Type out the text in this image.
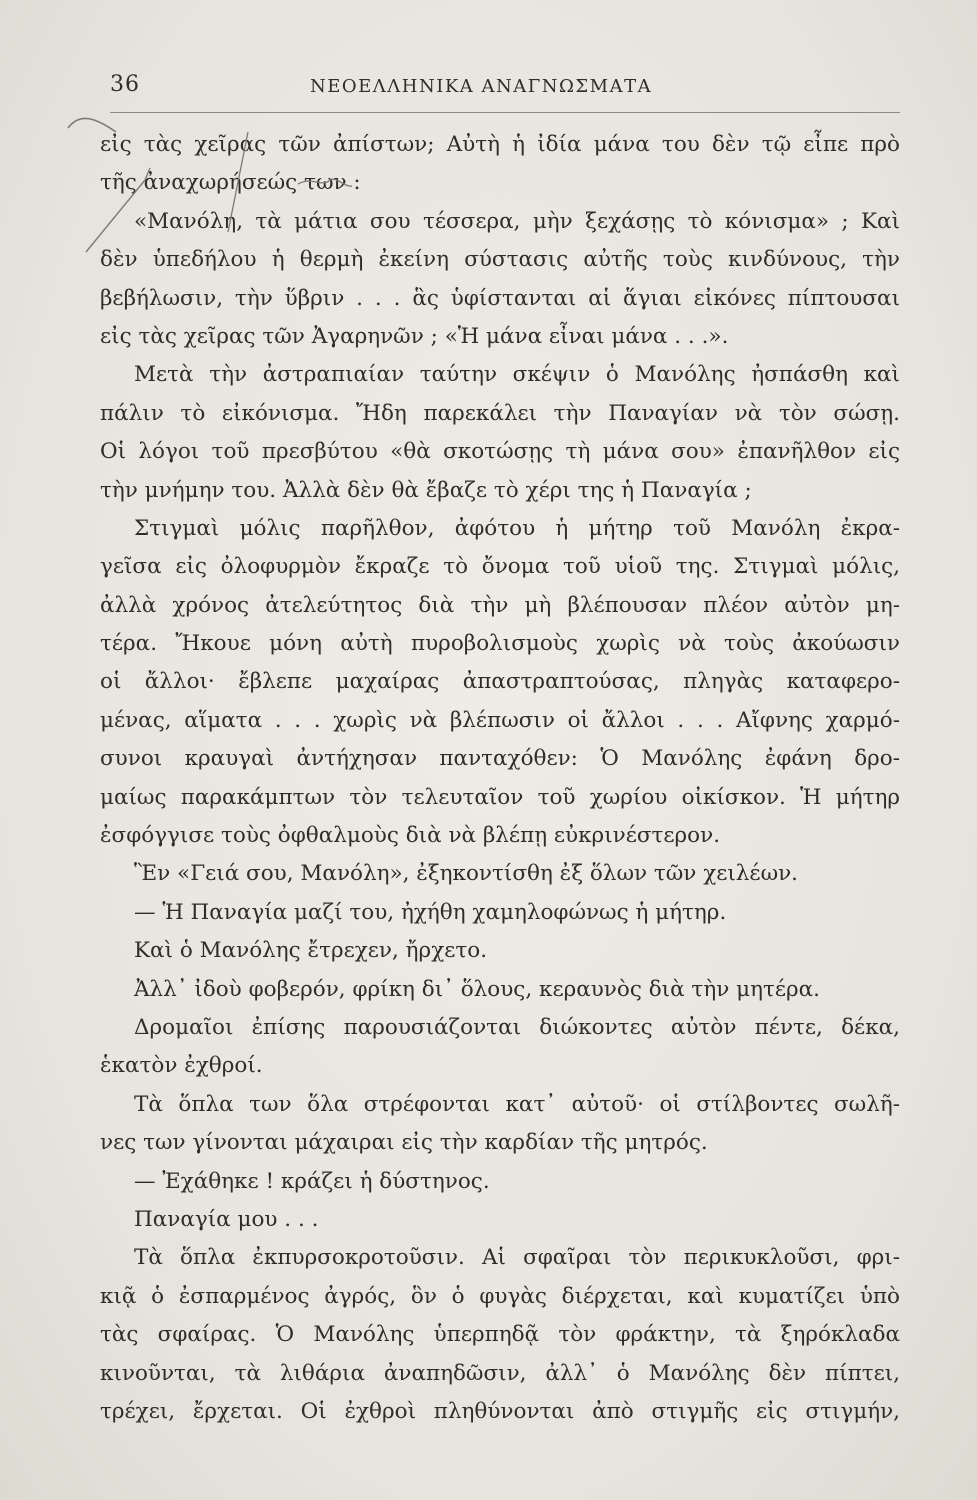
36	ΝΕΟΕΛΛΗΝΙΚΑ ΑΝΑΓΝΩΣΜΑΤΑ
εἰς τὰς χεῖρας τῶν ἀπίστων; Αὐτὴ ἡ ἰδία μάνα του δὲν τῷ εἶπε πρὸ
τῆς ἀναχωρήσεώς των :
«Μανόλη, τὰ μάτια σου τέσσερα, μὴν ξεχάσῃς τὸ κόνισμα» ; Καὶ
δὲν ὑπεδήλου ἡ θερμὴ ἐκείνη σύστασις αὐτῆς τοὺς κινδύνους, τὴν
βεβήλωσιν, τὴν ὕβριν . . . ἃς ὑφίστανται αἱ ἅγιαι εἰκόνες πίπτουσαι
εἰς τὰς χεῖρας τῶν Ἀγαρηνῶν ; «Ἡ μάνα εἶναι μάνα . . .».
Μετὰ τὴν ἀστραπιαίαν ταύτην σκέψιν ὁ Μανόλης ἠσπάσθη καὶ
πάλιν τὸ εἰκόνισμα. Ἤδη παρεκάλει τὴν Παναγίαν νὰ τὸν σώσῃ.
Οἱ λόγοι τοῦ πρεσβύτου «θὰ σκοτώσῃς τὴ μάνα σου» ἐπανῆλθον εἰς
τὴν μνήμην του. Ἀλλὰ δὲν θὰ ἔβαζε τὸ χέρι της ἡ Παναγία ;
Στιγμαὶ μόλις παρῆλθον, ἀφότου ἡ μήτηρ τοῦ Μανόλη ἐκρα-
γεῖσα εἰς ὀλοφυρμὸν ἔκραζε τὸ ὄνομα τοῦ υἱοῦ της. Στιγμαὶ μόλις,
ἀλλὰ χρόνος ἀτελεύτητος διὰ τὴν μὴ βλέπουσαν πλέον αὐτὸν μη-
τέρα. Ἤκουε μόνη αὐτὴ πυροβολισμοὺς χωρὶς νὰ τοὺς ἀκούωσιν
οἱ ἄλλοι· ἔβλεπε μαχαίρας ἀπαστραπτούσας, πληγὰς καταφερο-
μένας, αἵματα . . . χωρὶς νὰ βλέπωσιν οἱ ἄλλοι . . . Αἴφνης χαρμό-
συνοι κραυγαὶ ἀντήχησαν πανταχόθεν: Ὁ Μανόλης ἐφάνη δρο-
μαίως παρακάμπτων τὸν τελευταῖον τοῦ χωρίου οἰκίσκον. Ἡ μήτηρ
ἐσφόγγισε τοὺς ὀφθαλμοὺς διὰ νὰ βλέπῃ εὐκρινέστερον.
Ἓν «Γειά σου, Μανόλη», ἐξηκοντίσθη ἐξ ὅλων τῶν χειλέων.
— Ἡ Παναγία μαζί του, ἠχήθη χαμηλοφώνως ἡ μήτηρ.
Καὶ ὁ Μανόλης ἔτρεχεν, ἤρχετο.
Ἀλλ᾽ ἰδοὺ φοβερόν, φρίκη δι᾽ ὅλους, κεραυνὸς διὰ τὴν μητέρα.
Δρομαῖοι ἐπίσης παρουσιάζονται διώκοντες αὐτὸν πέντε, δέκα,
ἑκατὸν ἐχθροί.
Τὰ ὅπλα των ὅλα στρέφονται κατ᾽ αὐτοῦ· οἱ στίλβοντες σωλῆ-
νες των γίνονται μάχαιραι εἰς τὴν καρδίαν τῆς μητρός.
— Ἐχάθηκε ! κράζει ἡ δύστηνος.
Παναγία μου . . .
Τὰ ὅπλα ἐκπυρσοκροτοῦσιν. Αἱ σφαῖραι τὸν περικυκλοῦσι, φρι-
κιᾷ ὁ ἐσπαρμένος ἀγρός, ὃν ὁ φυγὰς διέρχεται, καὶ κυματίζει ὑπὸ
τὰς σφαίρας. Ὁ Μανόλης ὑπερπηδᾷ τὸν φράκτην, τὰ ξηρόκλαδα
κινοῦνται, τὰ λιθάρια ἀναπηδῶσιν, ἀλλ᾽ ὁ Μανόλης δὲν πίπτει,
τρέχει, ἔρχεται. Οἱ ἐχθροὶ πληθύνονται ἀπὸ στιγμῆς εἰς στιγμήν,
